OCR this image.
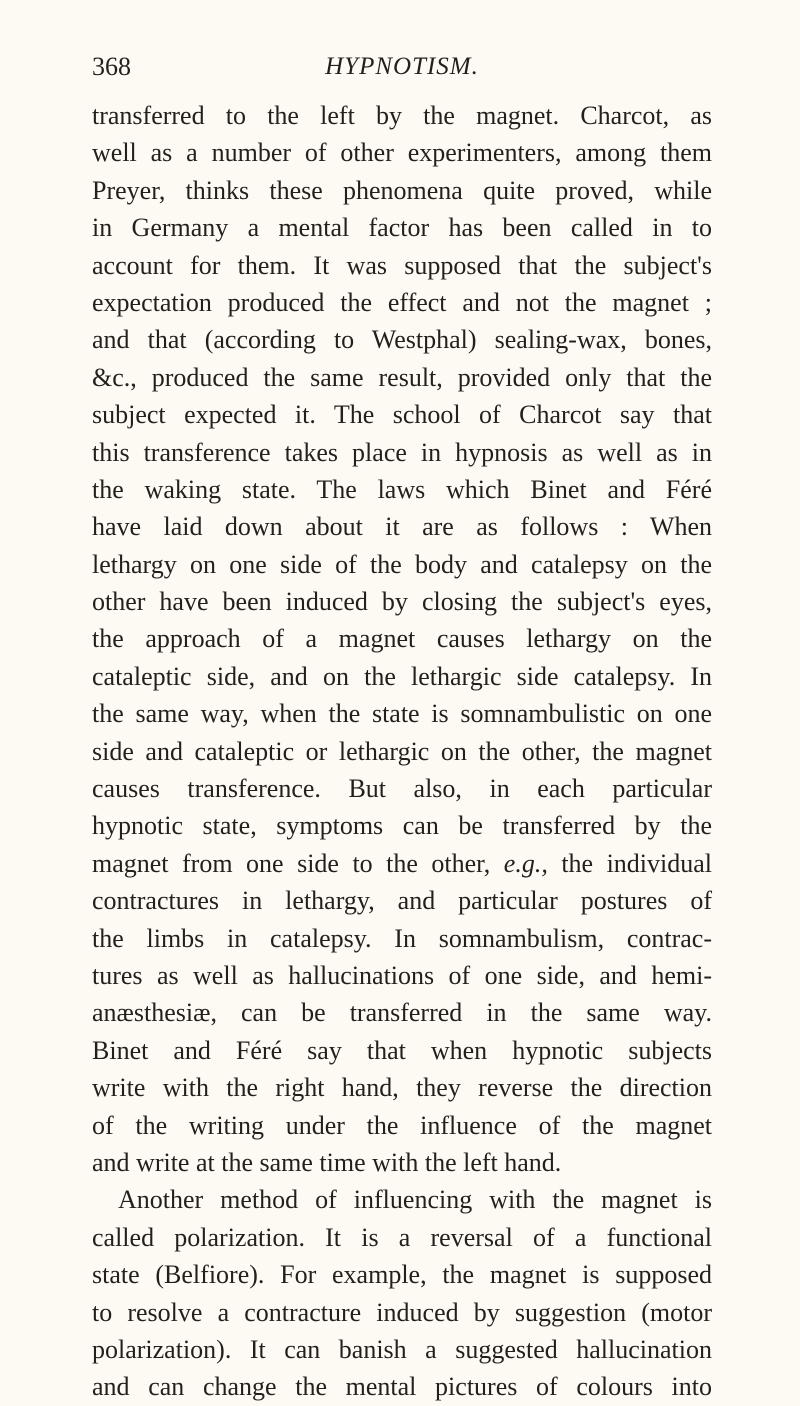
368	HYPNOTISM.
transferred to the left by the magnet. Charcot, as
well as a number of other experimenters, among them
Preyer, thinks these phenomena quite proved, while
in Germany a mental factor has been called in to
account for them. It was supposed that the subject's
expectation produced the effect and not the magnet ;
and that (according to Westphal) sealing-wax, bones,
&c., produced the same result, provided only that the
subject expected it. The school of Charcot say that
this transference takes place in hypnosis as well as in
the waking state. The laws which Binet and Féré
have laid down about it are as follows : When
lethargy on one side of the body and catalepsy on the
other have been induced by closing the subject's eyes,
the approach of a magnet causes lethargy on the
cataleptic side, and on the lethargic side catalepsy. In
the same way, when the state is somnambulistic on one
side and cataleptic or lethargic on the other, the magnet
causes transference. But also, in each particular
hypnotic state, symptoms can be transferred by the
magnet from one side to the other, e.g., the individual
contractures in lethargy, and particular postures of
the limbs in catalepsy. In somnambulism, contrac-
tures as well as hallucinations of one side, and hemi-
anæsthesiæ, can be transferred in the same way.
Binet and Féré say that when hypnotic subjects
write with the right hand, they reverse the direction
of the writing under the influence of the magnet
and write at the same time with the left hand.
Another method of influencing with the magnet is
called polarization. It is a reversal of a functional
state (Belfiore). For example, the magnet is supposed
to resolve a contracture induced by suggestion (motor
polarization). It can banish a suggested hallucination
and can change the mental pictures of colours into
